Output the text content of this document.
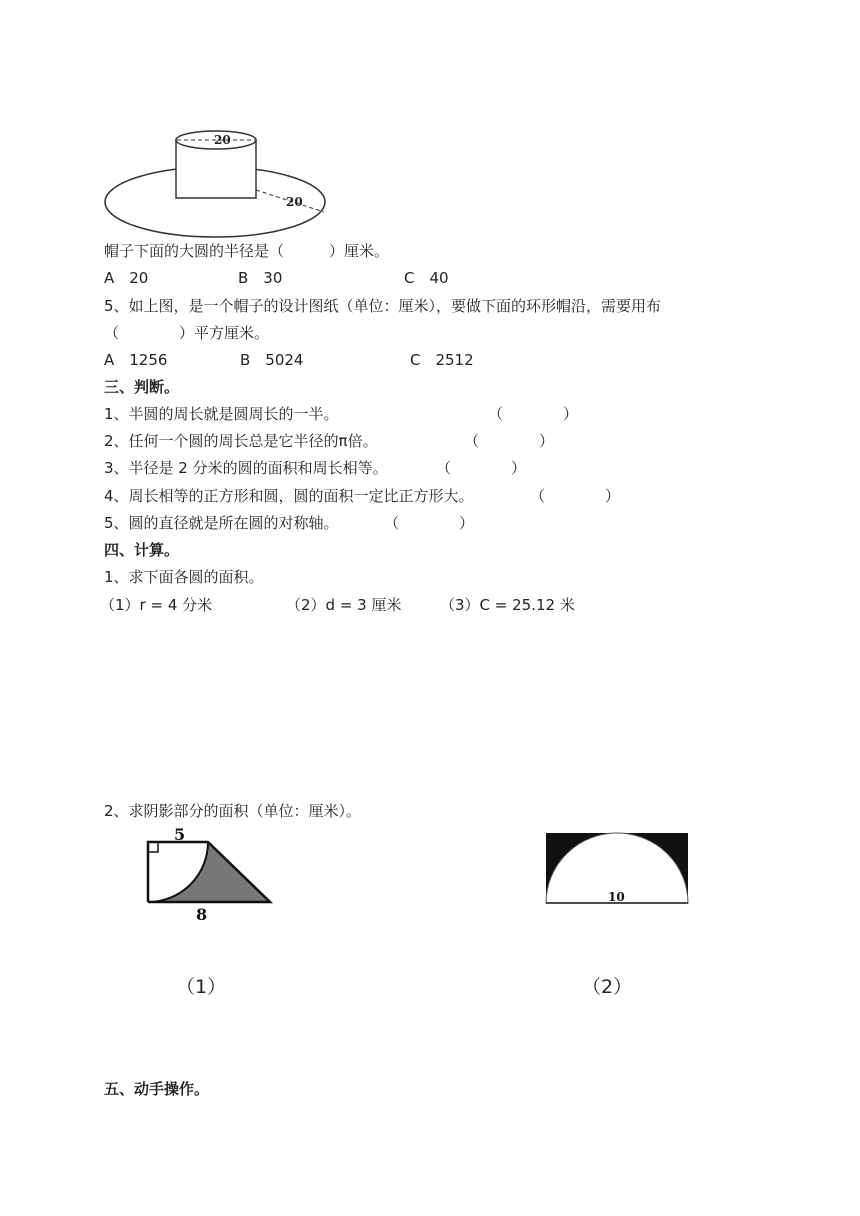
20
20
帽子下面的大圆的半径是（　　　）厘米。
A　20	B　30	C　40
5、如上图，是一个帽子的设计图纸（单位：厘米），要做下面的环形帽沿，需要用布
（　　　　）平方厘米。
A　1256	B　5024	C　2512
三、判断。
1、半圆的周长就是圆周长的一半。	（　　　　）
2、任何一个圆的周长总是它半径的π倍。	（　　　　）
3、半径是 2 分米的圆的面积和周长相等。	（　　　　）
4、周长相等的正方形和圆，圆的面积一定比正方形大。	（　　　　）
5、圆的直径就是所在圆的对称轴。	（　　　　）
四、计算。
1、求下面各圆的面积。
（1）r = 4 分米	（2）d = 3 厘米	（3）C = 25.12 米
2、求阴影部分的面积（单位：厘米）。
5
8
10
（1）	（2）
五、动手操作。
